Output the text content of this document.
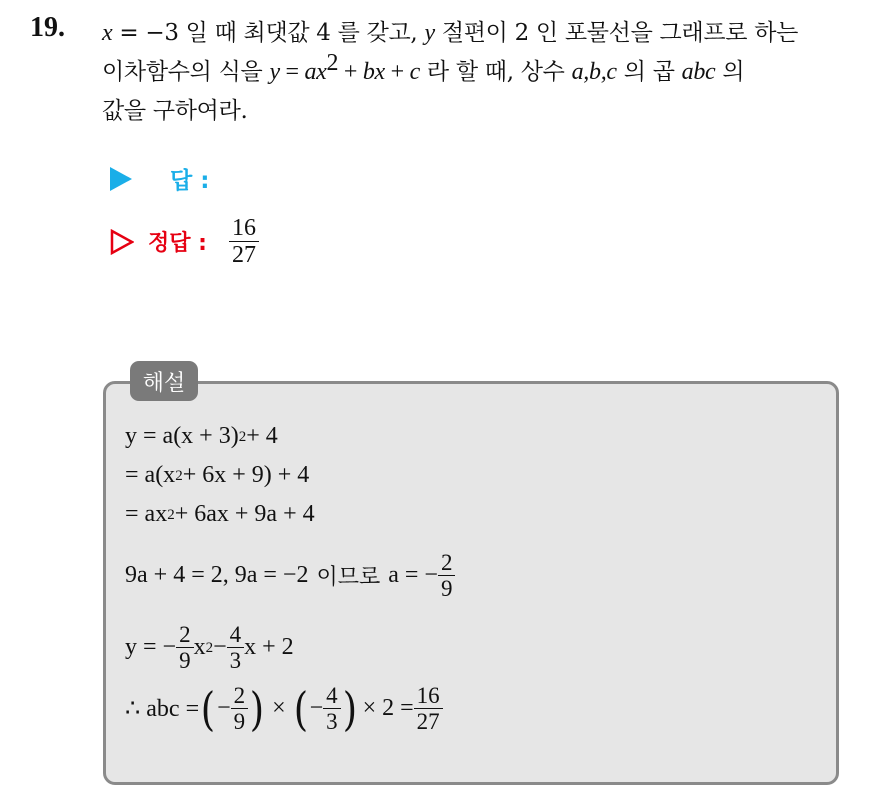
19. x = −3 일 때 최댓값 4 를 갖고, y 절편이 2 인 포물선을 그래프로 하는
이차함수의 식을 $y = ax^2$ + bx + c 라 할 때, 상수 a,b,c 의 곱 abc 의
값을 구하여라.
답 :
정답 : $\frac{16}{27}$
해설
y = a(x + 3) 2 + 4
= a(x 2 + 6x + 9) + 4
= ax 2 + 6ax + 9a + 4
9a + 4 = 2, 9a = −2 이므로 a = − $\frac{2}{9}$
y = − $\frac{2}{9}$ x $2 - \frac{4}{3}$ x + 2
∴ abc = ( − $\frac{2}{9}$ ) × ( − $\frac{4}{3}$ ) × $2 = \frac{16}{27}$
